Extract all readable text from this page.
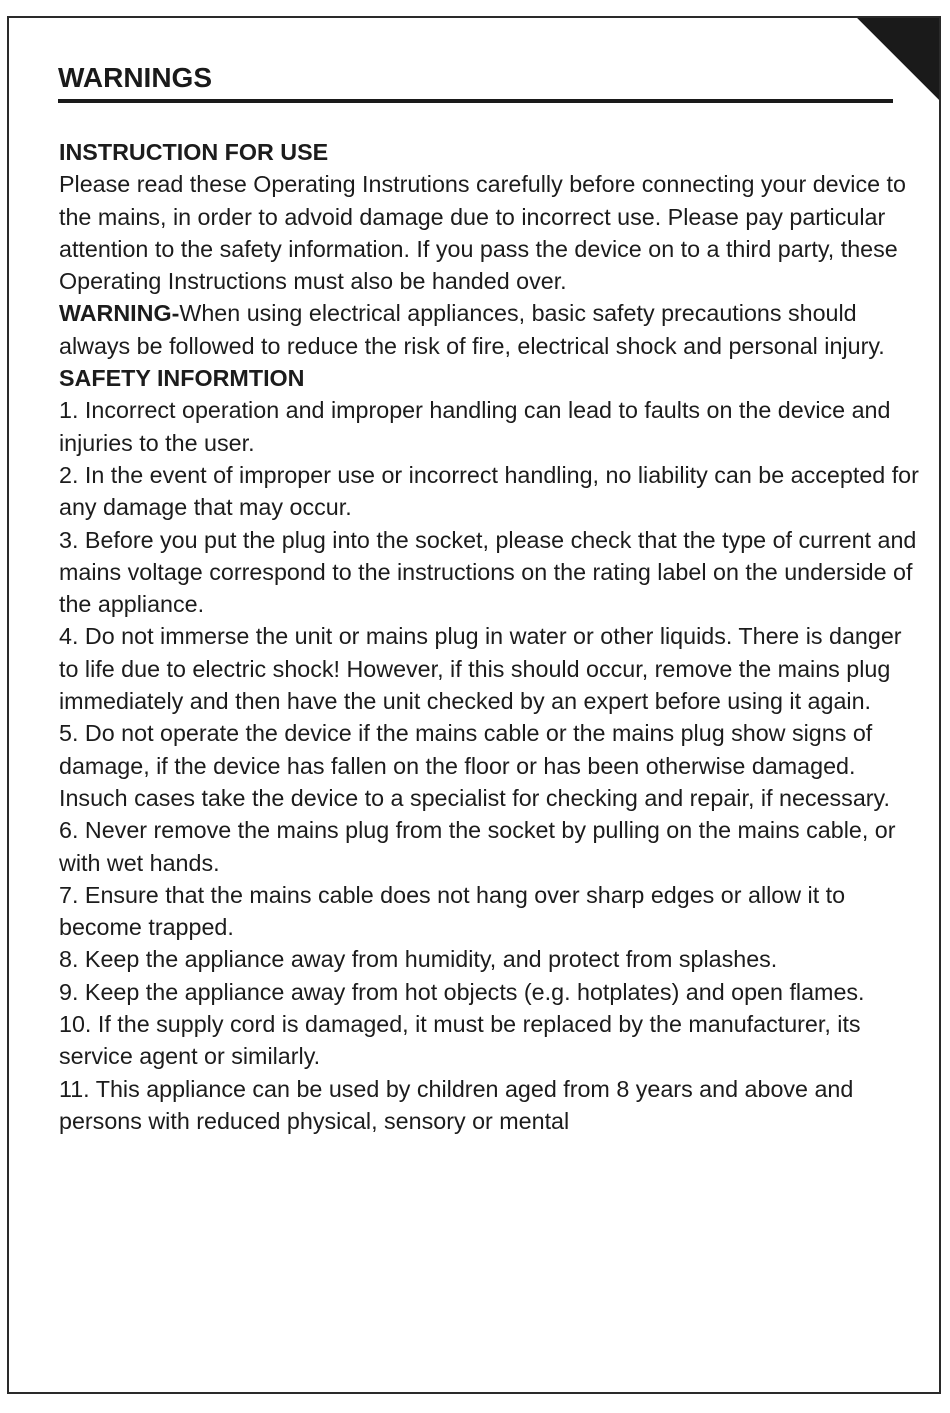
WARNINGS

INSTRUCTION FOR USE

Please read these Operating Instrutions carefully before connecting your device to the mains, in order to advoid damage due to incorrect use. Please pay particular attention to the safety information. If you pass the device on to a third party, these Operating Instructions must also be handed over.

WARNING-When using electrical appliances, basic safety precautions should always be followed to reduce the risk of fire, electrical shock and personal injury.

SAFETY INFORMTION

1. Incorrect operation and improper handling can lead to faults on the device and injuries to the user.

2. In the event of improper use or incorrect handling, no liability can be accepted for any damage that may occur.

3. Before you put the plug into the socket, please check that the type of current and mains voltage correspond to the instructions on the rating label on the underside of the appliance.

4. Do not immerse the unit or mains plug in water or other liquids. There is danger to life due to electric shock! However, if this should occur, remove the mains plug immediately and then have the unit checked by an expert before using it again.

5. Do not operate the device if the mains cable or the mains plug show signs of damage, if the device has fallen on the floor or has been otherwise damaged. Insuch cases take the device to a specialist for checking and repair, if necessary.

6. Never remove the mains plug from the socket by pulling on the mains cable, or with wet hands.

7. Ensure that the mains cable does not hang over sharp edges or allow it to become trapped.

8. Keep the appliance away from humidity, and protect from splashes.

9. Keep the appliance away from hot objects (e.g. hotplates) and open flames.

10. If the supply cord is damaged, it must be replaced by the manufacturer, its service agent or similarly.

11. This appliance can be used by children aged from 8 years and above and persons with reduced physical, sensory or mental
